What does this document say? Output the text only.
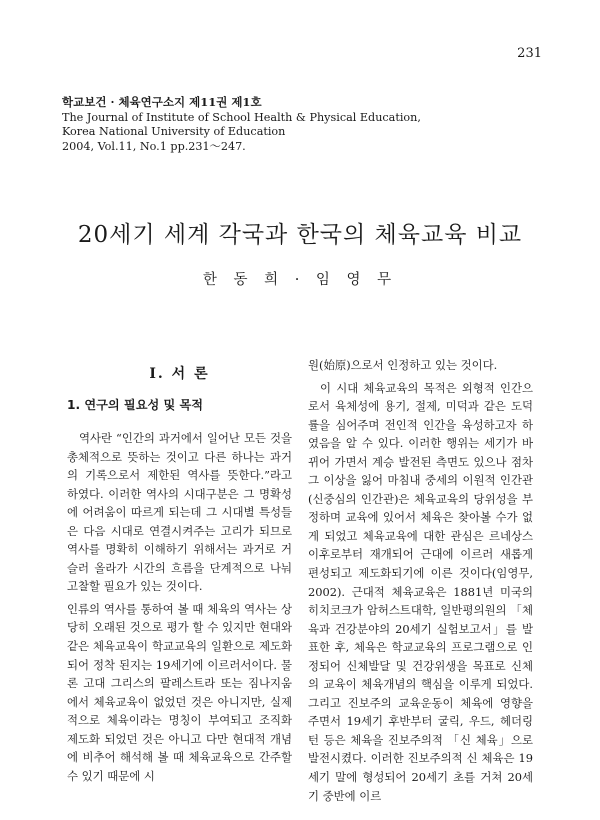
231
학교보건 · 체육연구소지 제11권 제1호
The Journal of Institute of School Health & Physical Education,
Korea National University of Education
2004, Vol.11, No.1 pp.231～247.
20세기 세계 각국과 한국의 체육교육 비교
한 동 희 · 임 영 무
Ⅰ. 서 론
1. 연구의 필요성 및 목적

역사란 “인간의 과거에서 일어난 모든 것을 총체적으로 뜻하는 것이고 다른 하나는 과거의 기록으로서 제한된 역사를 뜻한다.”라고 하였다. 이러한 역사의 시대구분은 그 명확성에 어려움이 따르게 되는데 그 시대별 특성들은 다음 시대로 연결시켜주는 고리가 되므로 역사를 명확히 이해하기 위해서는 과거로 거슬러 올라가 시간의 흐름을 단계적으로 나눠 고찰할 필요가 있는 것이다.

인류의 역사를 통하여 볼 때 체육의 역사는 상당히 오래된 것으로 평가 할 수 있지만 현대와 같은 체육교육이 학교교육의 일환으로 제도화되어 정착 된지는 19세기에 이르러서이다. 물론 고대 그리스의 팔레스트라 또는 짐나지움에서 체육교육이 없었던 것은 아니지만, 실제적으로 체육이라는 명칭이 부여되고 조직화 제도화 되었던 것은 아니고 다만 현대적 개념에 비추어 해석해 볼 때 체육교육으로 간주할 수 있기 때문에 시

원(始原)으로서 인정하고 있는 것이다.

이 시대 체육교육의 목적은 외형적 인간으로서 육체성에 용기, 절제, 미덕과 같은 도덕률을 심어주며 전인적 인간을 육성하고자 하였음을 알 수 있다. 이러한 행위는 세기가 바뀌어 가면서 계승 발전된 측면도 있으나 점차 그 이상을 잃어 마침내 중세의 이원적 인간관(신중심의 인간관)은 체육교육의 당위성을 부정하며 교육에 있어서 체육은 찾아볼 수가 없게 되었고 체육교육에 대한 관심은 르네상스 이후로부터 재개되어 근대에 이르러 새롭게 편성되고 제도화되기에 이른 것이다(임영무, 2002). 근대적 체육교육은 1881년 미국의 히치코크가 암허스트대학, 일반평의원의 「체육과 건강분야의 20세기 실험보고서」를 발표한 후, 체육은 학교교육의 프로그램으로 인정되어 신체발달 및 건강위생을 목표로 신체의 교육이 체육개념의 핵심을 이루게 되었다. 그리고 진보주의 교육운동이 체육에 영향을 주면서 19세기 후반부터 굴릭, 우드, 헤더링턴 등은 체육을 진보주의적 「신 체육」으로 발전시켰다. 이러한 진보주의적 신 체육은 19세기 말에 형성되어 20세기 초를 거쳐 20세기 중반에 이르
